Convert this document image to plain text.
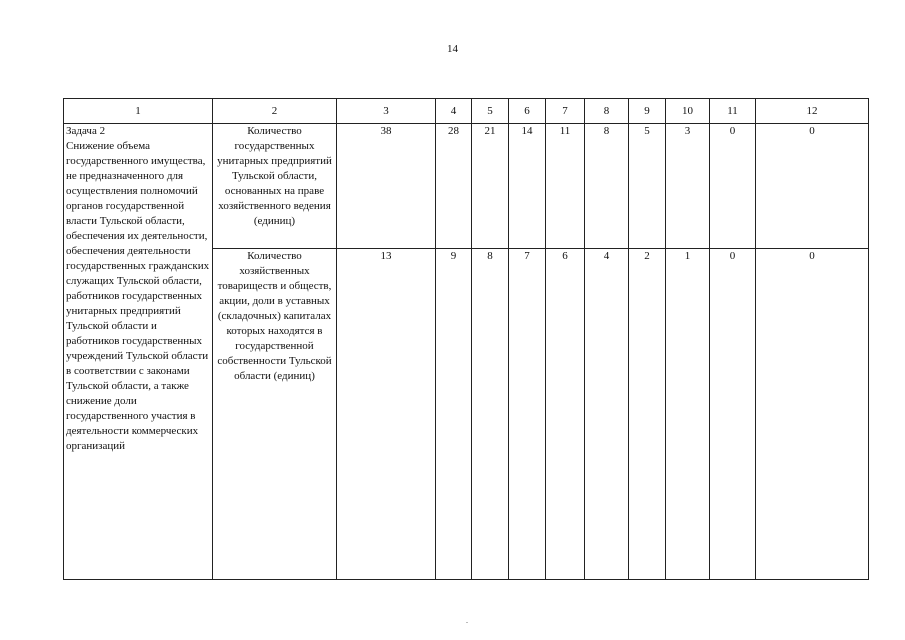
14
1	2	3	4	5	6	7	8	9	10	11	12
Задача 2
Снижение объема государственного имущества, не предназначенного для осуществления полномочий органов государственной власти Тульской области, обеспечения их деятельности, обеспечения деятельности государственных гражданских служащих Тульской области, работников государственных унитарных предприятий Тульской области и работников государственных учреждений Тульской области в соответствии с законами Тульской области, а также снижение доли государственного участия в деятельности коммерческих организаций	Количество государственных унитарных предприятий Тульской области, основанных на праве хозяйственного ведения (единиц)	38	28	21	14	11	8	5	3	0	0
	Количество хозяйственных товариществ и обществ, акции, доли в уставных (складочных) капиталах которых находятся в государственной собственности Тульской области (единиц)	13	9	8	7	6	4	2	1	0	0
